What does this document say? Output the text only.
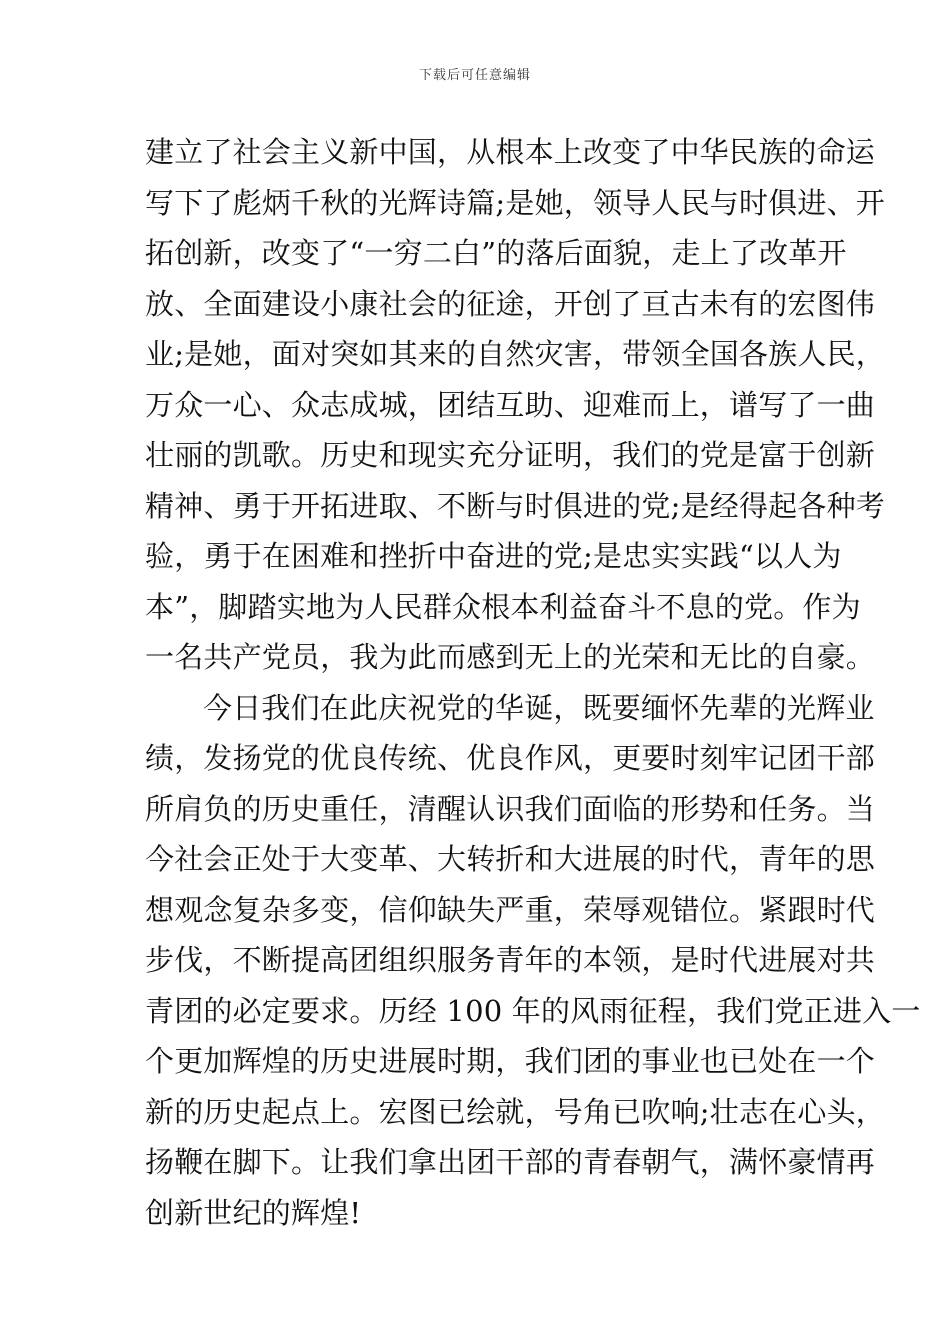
下载后可任意编辑
建立了社会主义新中国，从根本上改变了中华民族的命运
写下了彪炳千秋的光辉诗篇;是她，领导人民与时俱进、开
拓创新，改变了“一穷二白”的落后面貌，走上了改革开
放、全面建设小康社会的征途，开创了亘古未有的宏图伟
业;是她，面对突如其来的自然灾害，带领全国各族人民，
万众一心、众志成城，团结互助、迎难而上，谱写了一曲
壮丽的凯歌。历史和现实充分证明，我们的党是富于创新
精神、勇于开拓进取、不断与时俱进的党;是经得起各种考
验，勇于在困难和挫折中奋进的党;是忠实实践“以人为
本”，脚踏实地为人民群众根本利益奋斗不息的党。作为
一名共产党员，我为此而感到无上的光荣和无比的自豪。
今日我们在此庆祝党的华诞，既要缅怀先辈的光辉业
绩，发扬党的优良传统、优良作风，更要时刻牢记团干部
所肩负的历史重任，清醒认识我们面临的形势和任务。当
今社会正处于大变革、大转折和大进展的时代，青年的思
想观念复杂多变，信仰缺失严重，荣辱观错位。紧跟时代
步伐，不断提高团组织服务青年的本领，是时代进展对共
青团的必定要求。历经 100 年的风雨征程，我们党正进入一
个更加辉煌的历史进展时期，我们团的事业也已处在一个
新的历史起点上。宏图已绘就，号角已吹响;壮志在心头，
扬鞭在脚下。让我们拿出团干部的青春朝气，满怀豪情再
创新世纪的辉煌!
